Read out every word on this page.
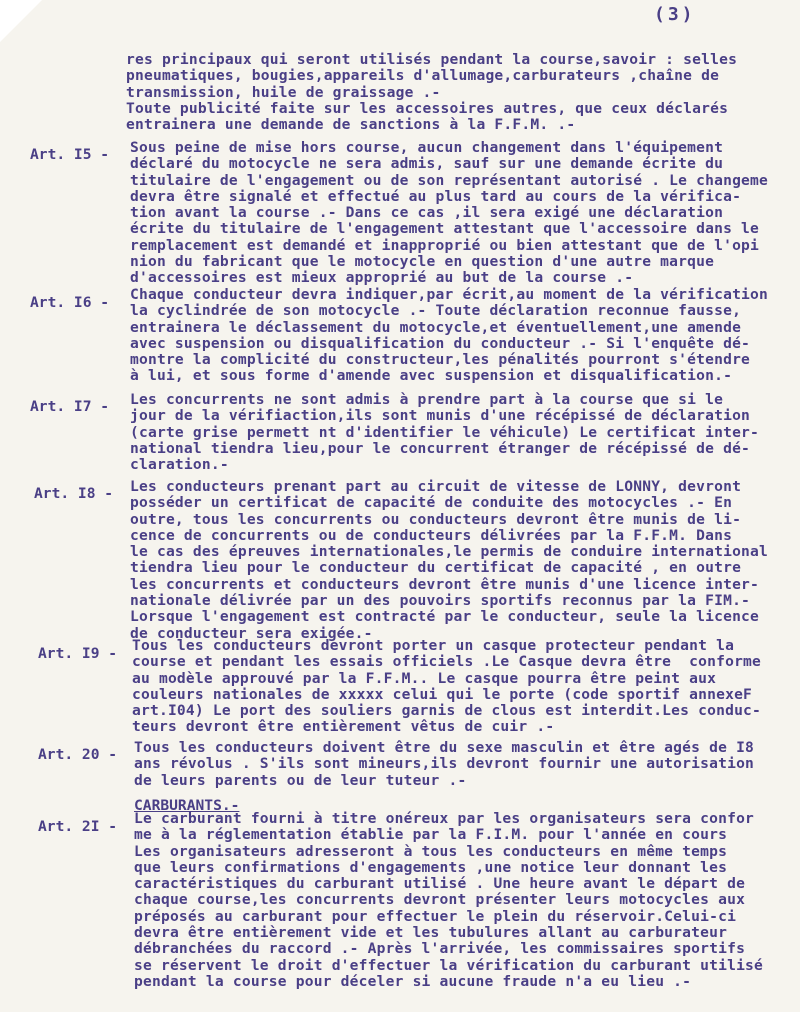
(3)
res principaux qui seront utilisés pendant la course,savoir : selles
pneumatiques, bougies,appareils d'allumage,carburateurs ,chaîne de
transmission, huile de graissage .-
Toute publicité faite sur les accessoires autres, que ceux déclarés
entrainera une demande de sanctions à la F.F.M. .-
Art. I5 - Sous peine de mise hors course, aucun changement dans l'équipement
déclaré du motocycle ne sera admis, sauf sur une demande écrite du
titulaire de l'engagement ou de son représentant autorisé . Le changeme
devra être signalé et effectué au plus tard au cours de la vérifica-
tion avant la course .- Dans ce cas ,il sera exigé une déclaration
écrite du titulaire de l'engagement attestant que l'accessoire dans le
remplacement est demandé et inapproprié ou bien attestant que de l'opi
nion du fabricant que le motocycle en question d'une autre marque
d'accessoires est mieux approprié au but de la course .-
Art. I6 - Chaque conducteur devra indiquer,par écrit,au moment de la vérification
la cyclindrée de son motocycle .- Toute déclaration reconnue fausse,
entrainera le déclassement du motocycle,et éventuellement,une amende
avec suspension ou disqualification du conducteur .- Si l'enquête dé-
montre la complicité du constructeur,les pénalités pourront s'étendre
à lui, et sous forme d'amende avec suspension et disqualification.-
Art. I7 - Les concurrents ne sont admis à prendre part à la course que si le
jour de la vérifiaction,ils sont munis d'une récépissé de déclaration
(carte grise permett nt d'identifier le véhicule) Le certificat inter-
national tiendra lieu,pour le concurrent étranger de récépissé de dé-
claration.-
Art. I8 - Les conducteurs prenant part au circuit de vitesse de LONNY, devront
posséder un certificat de capacité de conduite des motocycles .- En
outre, tous les concurrents ou conducteurs devront être munis de li-
cence de concurrents ou de conducteurs délivrées par la F.F.M. Dans
le cas des épreuves internationales,le permis de conduire international
tiendra lieu pour le conducteur du certificat de capacité , en outre
les concurrents et conducteurs devront être munis d'une licence inter-
nationale délivrée par un des pouvoirs sportifs reconnus par la FIM.-
Lorsque l'engagement est contracté par le conducteur, seule la licence
de conducteur sera exigée.-
Art. I9 - Tous les conducteurs devront porter un casque protecteur pendant la
course et pendant les essais officiels .Le Casque devra être  conforme
au modèle approuvé par la F.F.M.. Le casque pourra être peint aux
couleurs nationales de xxxxx celui qui le porte (code sportif annexeF
art.I04) Le port des souliers garnis de clous est interdit.Les conduc-
teurs devront être entièrement vêtus de cuir .-
Art. 20 - Tous les conducteurs doivent être du sexe masculin et être agés de I8
ans révolus . S'ils sont mineurs,ils devront fournir une autorisation
de leurs parents ou de leur tuteur .-
CARBURANTS.-
Art. 2I - Le carburant fourni à titre onéreux par les organisateurs sera confor
me à la réglementation établie par la F.I.M. pour l'année en cours
Les organisateurs adresseront à tous les conducteurs en même temps
que leurs confirmations d'engagements ,une notice leur donnant les
caractéristiques du carburant utilisé . Une heure avant le départ de
chaque course,les concurrents devront présenter leurs motocycles aux
préposés au carburant pour effectuer le plein du réservoir.Celui-ci
devra être entièrement vide et les tubulures allant au carburateur
débranchées du raccord .- Après l'arrivée, les commissaires sportifs
se réservent le droit d'effectuer la vérification du carburant utilisé
pendant la course pour déceler si aucune fraude n'a eu lieu .-
